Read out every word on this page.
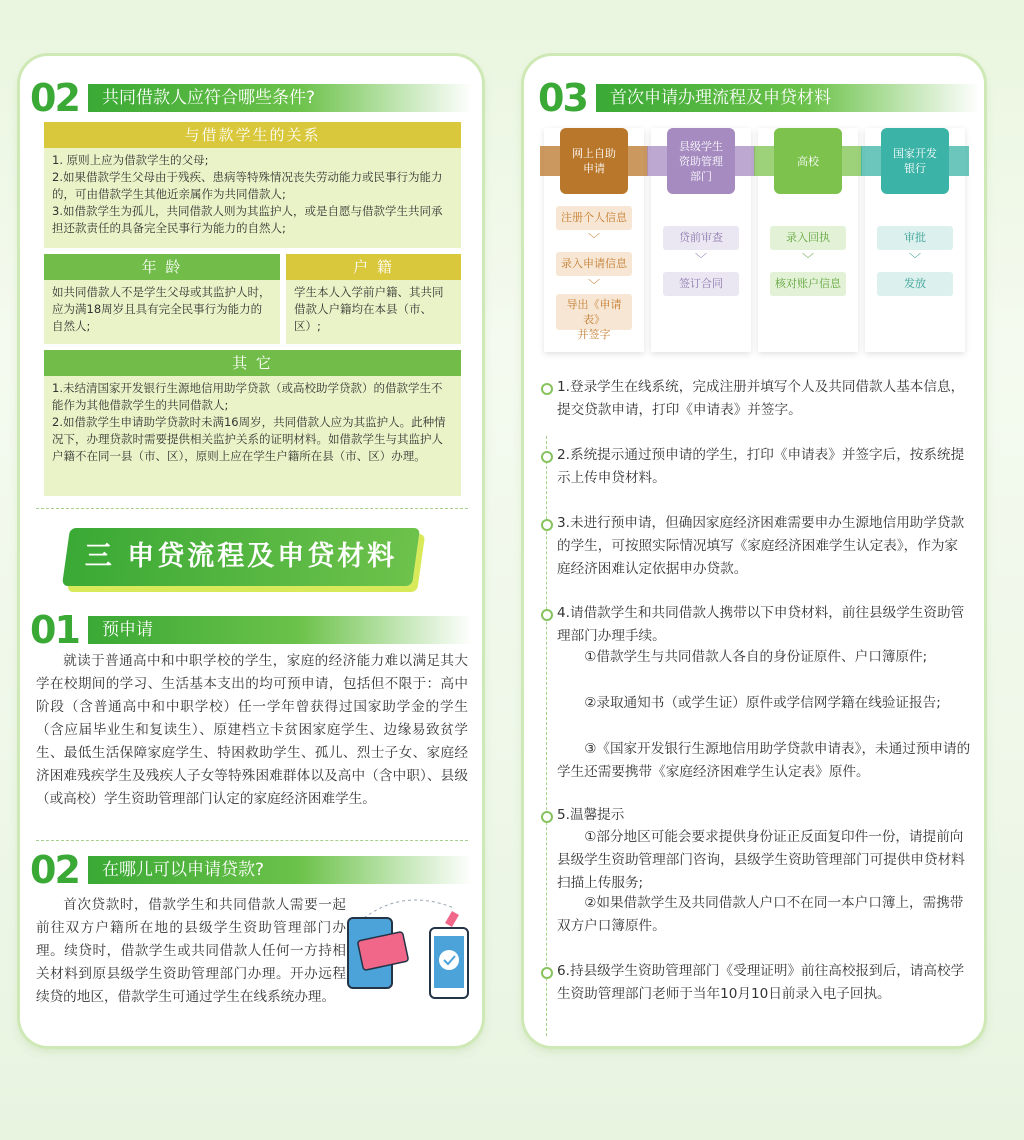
02	共同借款人应符合哪些条件?
与借款学生的关系
1. 原则上应为借款学生的父母;
2.如果借款学生父母由于残疾、患病等特殊情况丧失劳动能力或民事行为能力的，可由借款学生其他近亲属作为共同借款人;
3.如借款学生为孤儿，共同借款人则为其监护人，或是自愿与借款学生共同承担还款责任的具备完全民事行为能力的自然人;
年 龄
如共同借款人不是学生父母或其监护人时，应为满18周岁且具有完全民事行为能力的自然人;
户 籍
学生本人入学前户籍、其共同借款人户籍均在本县（市、区）;
其 它
1.未结清国家开发银行生源地信用助学贷款（或高校助学贷款）的借款学生不能作为其他借款学生的共同借款人;
2.如借款学生申请助学贷款时未满16周岁，共同借款人应为其监护人。此种情况下，办理贷款时需要提供相关监护关系的证明材料。如借款学生与其监护人户籍不在同一县（市、区），原则上应在学生户籍所在县（市、区）办理。
三 申贷流程及申贷材料
01	预申请
就读于普通高中和中职学校的学生，家庭的经济能力难以满足其大学在校期间的学习、生活基本支出的均可预申请，包括但不限于：高中阶段（含普通高中和中职学校）任一学年曾获得过国家助学金的学生（含应届毕业生和复读生）、原建档立卡贫困家庭学生、边缘易致贫学生、最低生活保障家庭学生、特困救助学生、孤儿、烈士子女、家庭经济困难残疾学生及残疾人子女等特殊困难群体以及高中（含中职）、县级（或高校）学生资助管理部门认定的家庭经济困难学生。
02	在哪儿可以申请贷款?
首次贷款时，借款学生和共同借款人需要一起前往双方户籍所在地的县级学生资助管理部门办理。续贷时，借款学生或共同借款人任何一方持相关材料到原县级学生资助管理部门办理。开办远程续贷的地区，借款学生可通过学生在线系统办理。
03	首次申请办理流程及申贷材料
网上自助
申请
注册个人信息
﹀
录入申请信息
﹀
导出《申请表》
并签字
县级学生
资助管理
部门
贷前审查
﹀
签订合同
高校
录入回执
﹀
核对账户信息
国家开发
银行
审批
﹀
发放
1.登录学生在线系统，完成注册并填写个人及共同借款人基本信息，提交贷款申请，打印《申请表》并签字。
2.系统提示通过预申请的学生，打印《申请表》并签字后，按系统提示上传申贷材料。
3.未进行预申请，但确因家庭经济困难需要申办生源地信用助学贷款的学生，可按照实际情况填写《家庭经济困难学生认定表》，作为家庭经济困难认定依据申办贷款。
4.请借款学生和共同借款人携带以下申贷材料，前往县级学生资助管理部门办理手续。
①借款学生与共同借款人各自的身份证原件、户口簿原件;
②录取通知书（或学生证）原件或学信网学籍在线验证报告;
③《国家开发银行生源地信用助学贷款申请表》，未通过预申请的学生还需要携带《家庭经济困难学生认定表》原件。
5.温馨提示
①部分地区可能会要求提供身份证正反面复印件一份，请提前向县级学生资助管理部门咨询，县级学生资助管理部门可提供申贷材料扫描上传服务;
②如果借款学生及共同借款人户口不在同一本户口簿上，需携带双方户口簿原件。
6.持县级学生资助管理部门《受理证明》前往高校报到后，请高校学生资助管理部门老师于当年10月10日前录入电子回执。
